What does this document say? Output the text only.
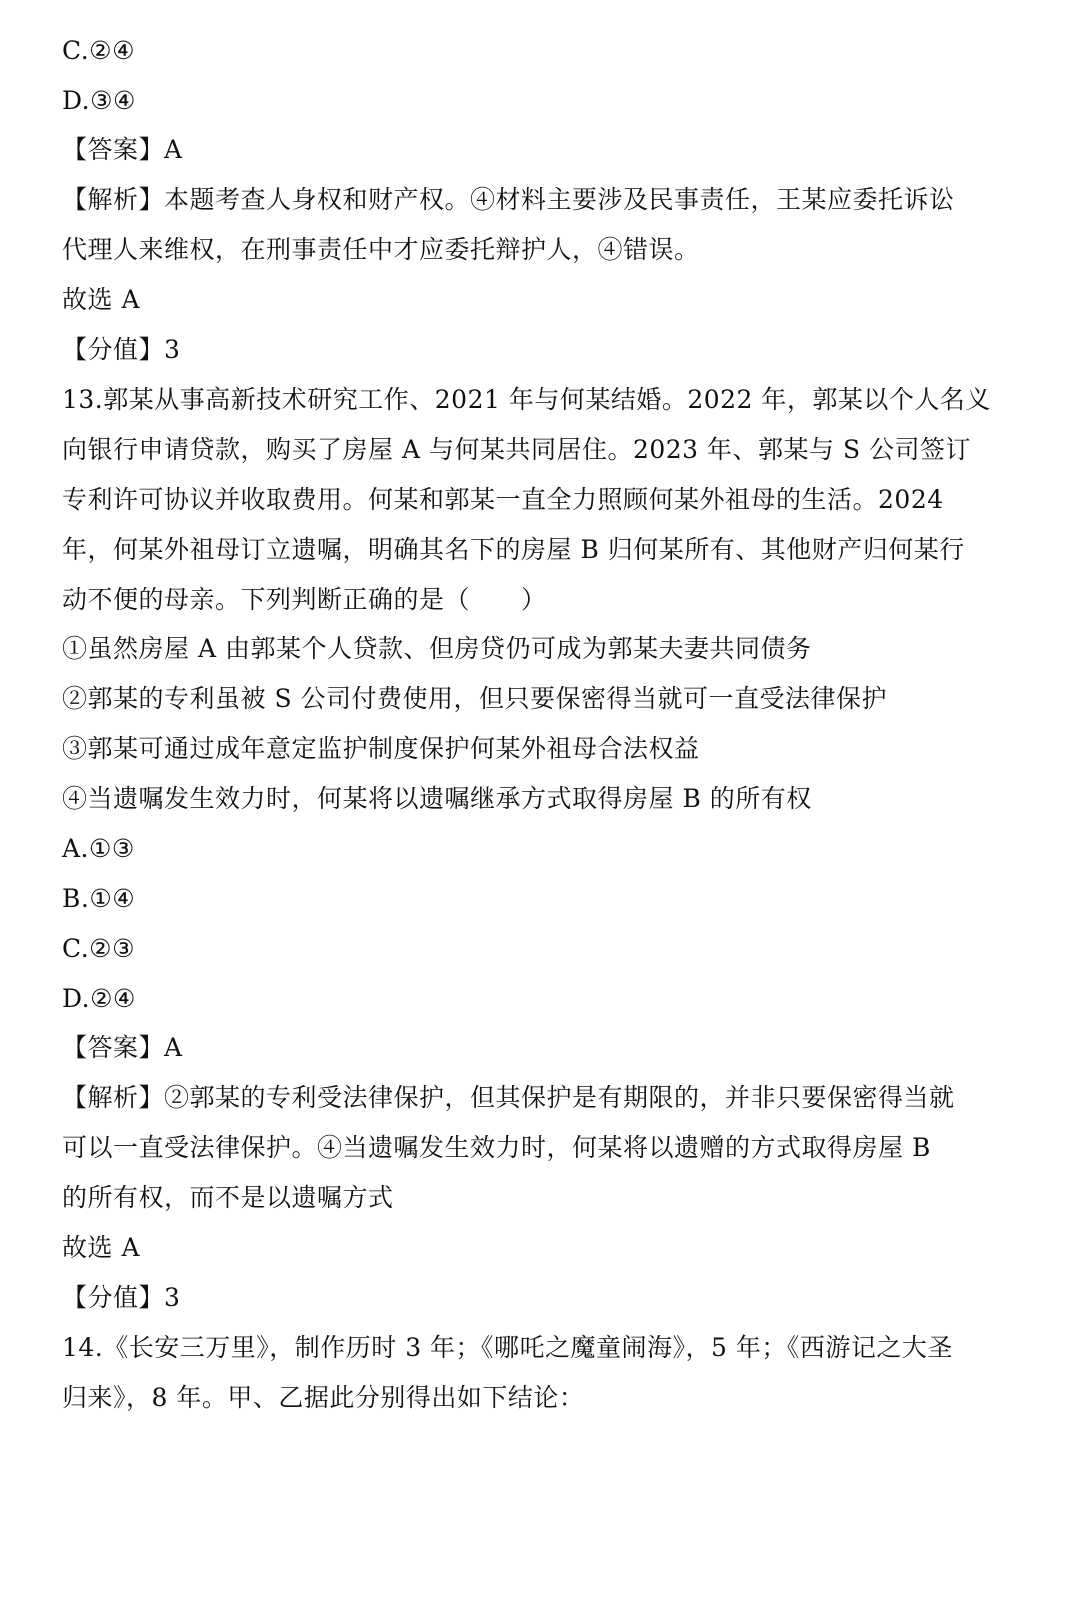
C.②④
D.③④
【答案】A
【解析】本题考查人身权和财产权。④材料主要涉及民事责任，王某应委托诉讼
代理人来维权，在刑事责任中才应委托辩护人，④错误。
故选 A
【分值】3
13.郭某从事高新技术研究工作、2021 年与何某结婚。2022 年，郭某以个人名义
向银行申请贷款，购买了房屋 A 与何某共同居住。2023 年、郭某与 S 公司签订
专利许可协议并收取费用。何某和郭某一直全力照顾何某外祖母的生活。2024
年，何某外祖母订立遗嘱，明确其名下的房屋 B 归何某所有、其他财产归何某行
动不便的母亲。下列判断正确的是（　　）
①虽然房屋 A 由郭某个人贷款、但房贷仍可成为郭某夫妻共同债务
②郭某的专利虽被 S 公司付费使用，但只要保密得当就可一直受法律保护
③郭某可通过成年意定监护制度保护何某外祖母合法权益
④当遗嘱发生效力时，何某将以遗嘱继承方式取得房屋 B 的所有权
A.①③
B.①④
C.②③
D.②④
【答案】A
【解析】②郭某的专利受法律保护，但其保护是有期限的，并非只要保密得当就
可以一直受法律保护。④当遗嘱发生效力时，何某将以遗赠的方式取得房屋 B
的所有权，而不是以遗嘱方式
故选 A
【分值】3
14.《长安三万里》，制作历时 3 年；《哪吒之魔童闹海》，5 年；《西游记之大圣
归来》，8 年。甲、乙据此分别得出如下结论：
